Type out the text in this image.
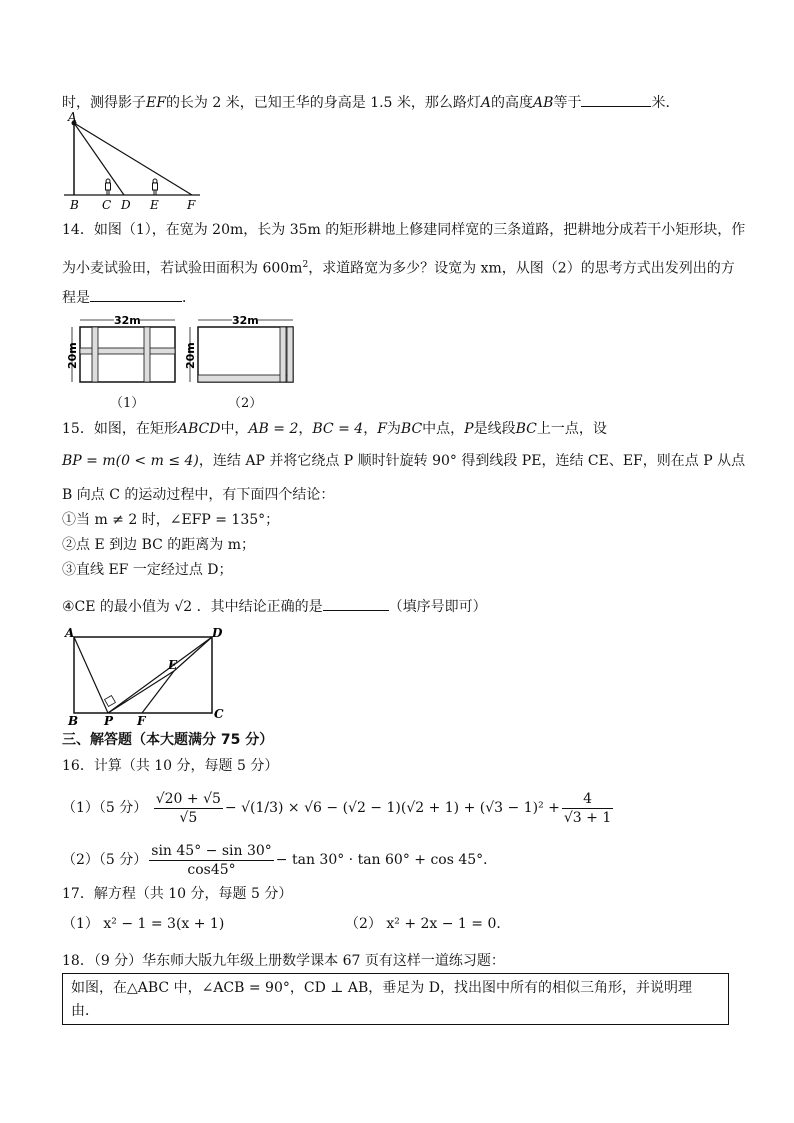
时，测得影子EF的长为 2 米，已知王华的身高是 1.5 米，那么路灯A的高度AB等于	米．
A
B C D E F
14．如图（1），在宽为 20m，长为 35m 的矩形耕地上修建同样宽的三条道路，把耕地分成若干小矩形块，作
为小麦试验田，若试验田面积为 $600m^2$，求道路宽为多少？设宽为 xm，从图（2）的思考方式出发列出的方
程是	．
32m
20m
32m
20m
（1）	（2）
15．如图，在矩形ABCD中，AB = 2，BC = 4，F为BC中点，P是线段BC上一点，设
BP = m(0 < m ≤ 4)，连结 AP 并将它绕点 P 顺时针旋转 90° 得到线段 PE，连结 CE、EF，则在点 P 从点
B 向点 C 的运动过程中，有下面四个结论：
①当 m ≠ 2 时，∠EFP = 135°；
②点 E 到边 BC 的距离为 m；
③直线 EF 一定经过点 D；
④CE 的最小值为 √2 ．其中结论正确的是	（填序号即可）
A	D
E
B P F	C
三、解答题（本大题满分 75 分）
16．计算（共 10 分，每题 5 分）
（1）（5 分） $\frac{√20 + √5}{√5} - √(1/3) \times √6 - (√2 - 1)(√2 + 1) + (√3 - 1)^2 + \frac{4}{√3 + 1}$
（2）（5 分） $\frac{\sin 45^\circ - \sin 30^\circ}{\cos 45^\circ} - \tan 30^\circ \cdot \tan 60^\circ + \cos 45^\circ$．
17．解方程（共 10 分，每题 5 分）
（1） x² − 1 = 3(x + 1)	（2） x² + 2x − 1 = 0．
18．（9 分）华东师大版九年级上册数学课本 67 页有这样一道练习题：
如图，在△ABC 中，∠ACB = 90°，CD ⊥ AB，垂足为 D，找出图中所有的相似三角形，并说明理
由．
